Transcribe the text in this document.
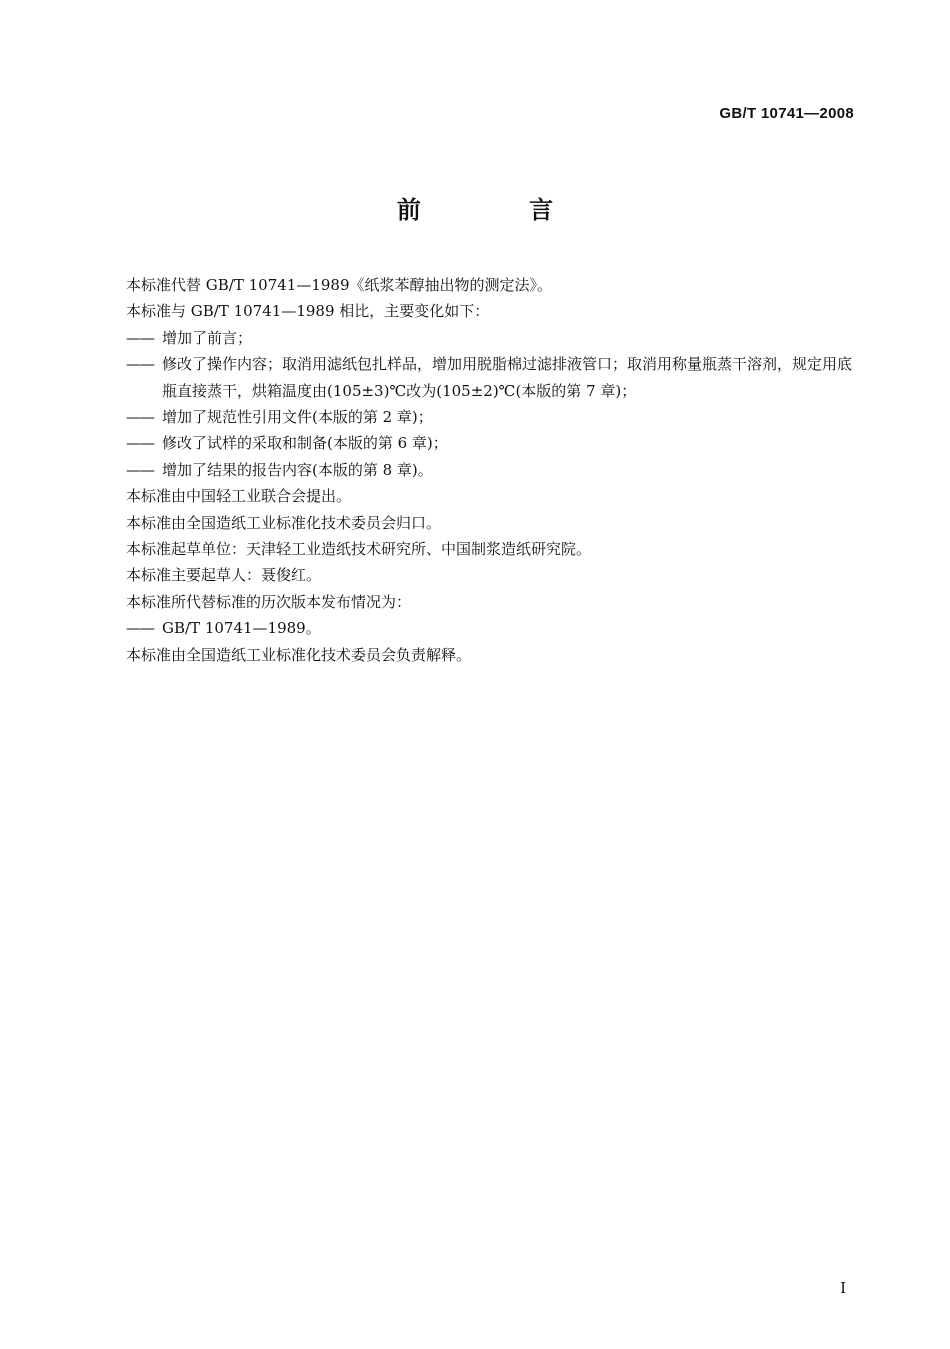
GB/T 10741—2008
前 言
本标准代替 GB/T 10741—1989《纸浆苯醇抽出物的测定法》。
本标准与 GB/T 10741—1989 相比，主要变化如下：
—— 增加了前言；
—— 修改了操作内容；取消用滤纸包扎样品，增加用脱脂棉过滤排液管口；取消用称量瓶蒸干溶剂，规定用底瓶直接蒸干，烘箱温度由(105±3)℃改为(105±2)℃(本版的第 7 章)；
—— 增加了规范性引用文件(本版的第 2 章)；
—— 修改了试样的采取和制备(本版的第 6 章)；
—— 增加了结果的报告内容(本版的第 8 章)。
本标准由中国轻工业联合会提出。
本标准由全国造纸工业标准化技术委员会归口。
本标准起草单位：天津轻工业造纸技术研究所、中国制浆造纸研究院。
本标准主要起草人：聂俊红。
本标准所代替标准的历次版本发布情况为：
—— GB/T 10741—1989。
本标准由全国造纸工业标准化技术委员会负责解释。
I
